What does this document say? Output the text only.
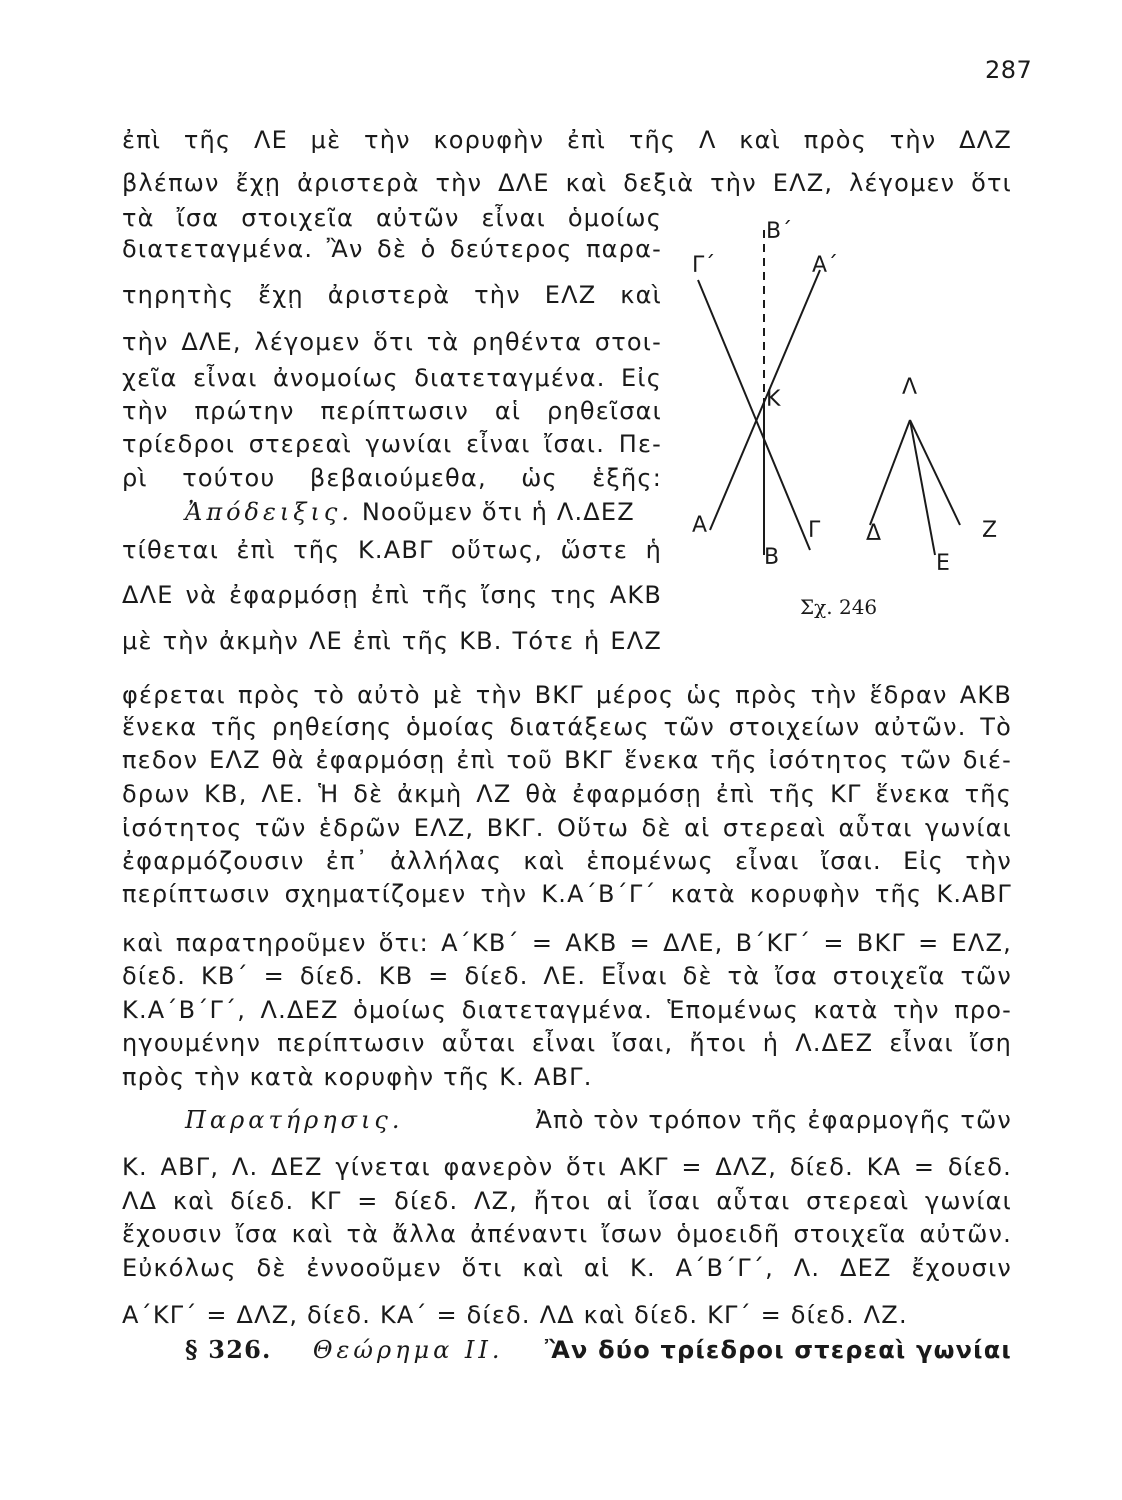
287
ἐπὶ τῆς ΛΕ μὲ τὴν κορυφὴν ἐπὶ τῆς Λ καὶ πρὸς τὴν ΔΛΖ
βλέπων ἔχῃ ἀριστερὰ τὴν ΔΛΕ καὶ δεξιὰ τὴν ΕΛΖ, λέγομεν ὅτι
τὰ ἴσα στοιχεῖα αὐτῶν εἶναι ὁμοίως
διατεταγμένα. Ἂν δὲ ὁ δεύτερος παρα-
τηρητὴς ἔχῃ ἀριστερὰ τὴν ΕΛΖ καὶ
τὴν ΔΛΕ, λέγομεν ὅτι τὰ ρηθέντα στοι-
χεῖα εἶναι ἀνομοίως διατεταγμένα. Εἰς
τὴν πρώτην περίπτωσιν αἱ ρηθεῖσαι
τρίεδροι στερεαὶ γωνίαι εἶναι ἴσαι. Πε-
ρὶ τούτου βεβαιούμεθα, ὡς ἑξῆς:
Ἀπόδειξις. Νοοῦμεν ὅτι ἡ Λ.ΔΕΖ
τίθεται ἐπὶ τῆς Κ.ΑΒΓ οὕτως, ὥστε ἡ
ΔΛΕ νὰ ἐφαρμόσῃ ἐπὶ τῆς ἴσης της ΑΚΒ
μὲ τὴν ἀκμὴν ΛΕ ἐπὶ τῆς ΚΒ. Τότε ἡ ΕΛΖ
Β΄
Γ΄	Α΄
Κ	Λ
Α	Γ Δ	Ζ
Β	Ε
Σχ. 246
φέρεται πρὸς τὸ αὐτὸ μὲ τὴν ΒΚΓ μέρος ὡς πρὸς τὴν ἕδραν ΑΚΒ
ἕνεκα τῆς ρηθείσης ὁμοίας διατάξεως τῶν στοιχείων αὐτῶν. Τὸ
πεδον ΕΛΖ θὰ ἐφαρμόσῃ ἐπὶ τοῦ ΒΚΓ ἕνεκα τῆς ἰσότητος τῶν διέ-
δρων ΚΒ, ΛΕ. Ἡ δὲ ἀκμὴ ΛΖ θὰ ἐφαρμόσῃ ἐπὶ τῆς ΚΓ ἕνεκα τῆς
ἰσότητος τῶν ἑδρῶν ΕΛΖ, ΒΚΓ. Οὕτω δὲ αἱ στερεαὶ αὗται γωνίαι
ἐφαρμόζουσιν ἐπ᾽ ἀλλήλας καὶ ἑπομένως εἶναι ἴσαι. Εἰς τὴν
περίπτωσιν σχηματίζομεν τὴν Κ.Α΄Β΄Γ΄ κατὰ κορυφὴν τῆς Κ.ΑΒΓ
καὶ παρατηροῦμεν ὅτι: Α΄ΚΒ΄ = ΑΚΒ = ΔΛΕ, Β΄ΚΓ΄ = ΒΚΓ = ΕΛΖ,
δίεδ. ΚΒ΄ = δίεδ. ΚΒ = δίεδ. ΛΕ. Εἶναι δὲ τὰ ἴσα στοιχεῖα τῶν
Κ.Α΄Β΄Γ΄, Λ.ΔΕΖ ὁμοίως διατεταγμένα. Ἑπομένως κατὰ τὴν προ-
ηγουμένην περίπτωσιν αὗται εἶναι ἴσαι, ἤτοι ἡ Λ.ΔΕΖ εἶναι ἴση
πρὸς τὴν κατὰ κορυφὴν τῆς Κ. ΑΒΓ.
Παρατήρησις.	Ἀπὸ τὸν τρόπον τῆς ἐφαρμογῆς τῶν
Κ. ΑΒΓ, Λ. ΔΕΖ γίνεται φανερὸν ὅτι ΑΚΓ = ΔΛΖ, δίεδ. ΚΑ = δίεδ.
ΛΔ καὶ δίεδ. ΚΓ = δίεδ. ΛΖ, ἤτοι αἱ ἴσαι αὗται στερεαὶ γωνίαι
ἔχουσιν ἴσα καὶ τὰ ἄλλα ἀπέναντι ἴσων ὁμοειδῆ στοιχεῖα αὐτῶν.
Εὐκόλως δὲ ἐννοοῦμεν ὅτι καὶ αἱ Κ. Α΄Β΄Γ΄, Λ. ΔΕΖ ἔχουσιν
Α΄ΚΓ΄ = ΔΛΖ, δίεδ. ΚΑ΄ = δίεδ. ΛΔ καὶ δίεδ. ΚΓ΄ = δίεδ. ΛΖ.
§ 326. Θεώρημα ΙΙ. Ἂν δύο τρίεδροι στερεαὶ γωνίαι
